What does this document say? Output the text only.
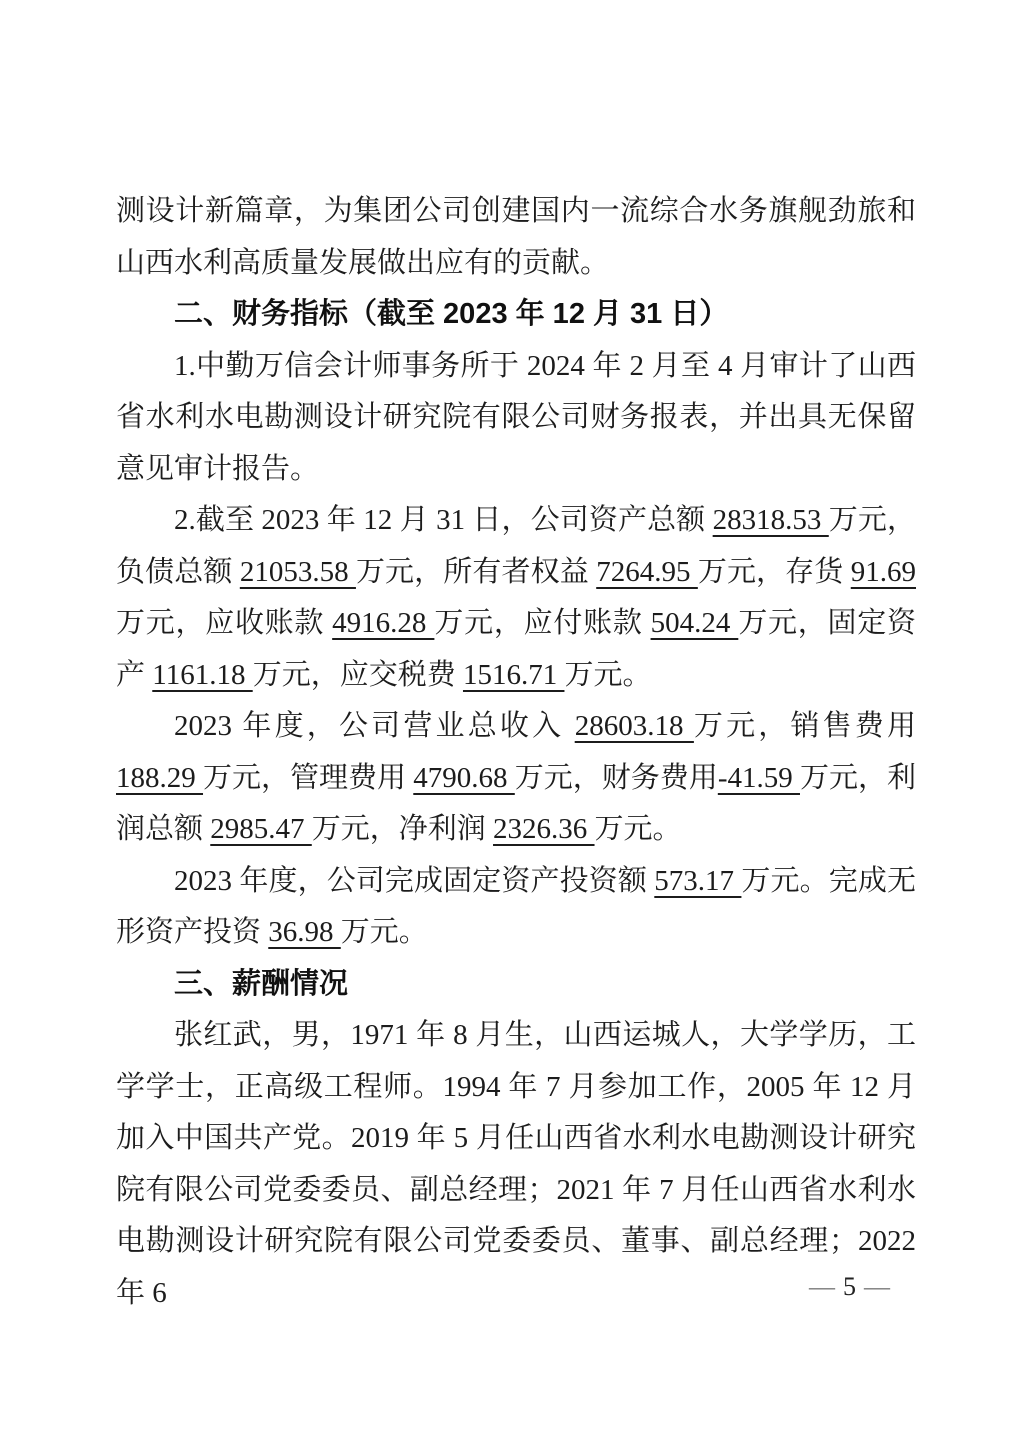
测设计新篇章，为集团公司创建国内一流综合水务旗舰劲旅和山西水利高质量发展做出应有的贡献。

二、财务指标（截至 2023 年 12 月 31 日）

1.中勤万信会计师事务所于 2024 年 2 月至 4 月审计了山西省水利水电勘测设计研究院有限公司财务报表，并出具无保留意见审计报告。

2.截至 2023 年 12 月 31 日，公司资产总额 28318.53 万元，负债总额 21053.58 万元，所有者权益 7264.95 万元，存货 91.69 万元，应收账款 4916.28 万元，应付账款 504.24 万元，固定资产 1161.18 万元，应交税费 1516.71 万元。

2023 年度，公司营业总收入 28603.18 万元，销售费用 188.29 万元，管理费用 4790.68 万元，财务费用-41.59 万元，利润总额 2985.47 万元，净利润 2326.36 万元。

2023 年度，公司完成固定资产投资额 573.17 万元。完成无形资产投资 36.98 万元。

三、薪酬情况

张红武，男，1971 年 8 月生，山西运城人，大学学历，工学学士，正高级工程师。1994 年 7 月参加工作，2005 年 12 月加入中国共产党。2019 年 5 月任山西省水利水电勘测设计研究院有限公司党委委员、副总经理；2021 年 7 月任山西省水利水电勘测设计研究院有限公司党委委员、董事、副总经理；2022 年 6	— 5 —
